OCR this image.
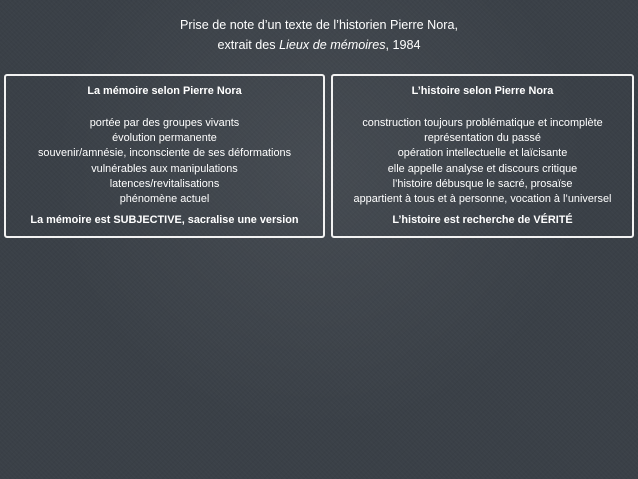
Prise de note d’un texte de l’historien Pierre Nora,
extrait des Lieux de mémoires, 1984
La mémoire selon Pierre Nora
portée par des groupes vivants
évolution permanente
souvenir/amnésie, inconsciente de ses déformations
vulnérables aux manipulations
latences/revitalisations
phénomène actuel
La mémoire est SUBJECTIVE, sacralise une version
L’histoire selon Pierre Nora
construction toujours problématique et incomplète
représentation du passé
opération intellectuelle et laïcisante
elle appelle analyse et discours critique
l’histoire débusque le sacré, prosaïse
appartient à tous et à personne, vocation à l’universel
L’histoire est recherche de VÉRITÉ
